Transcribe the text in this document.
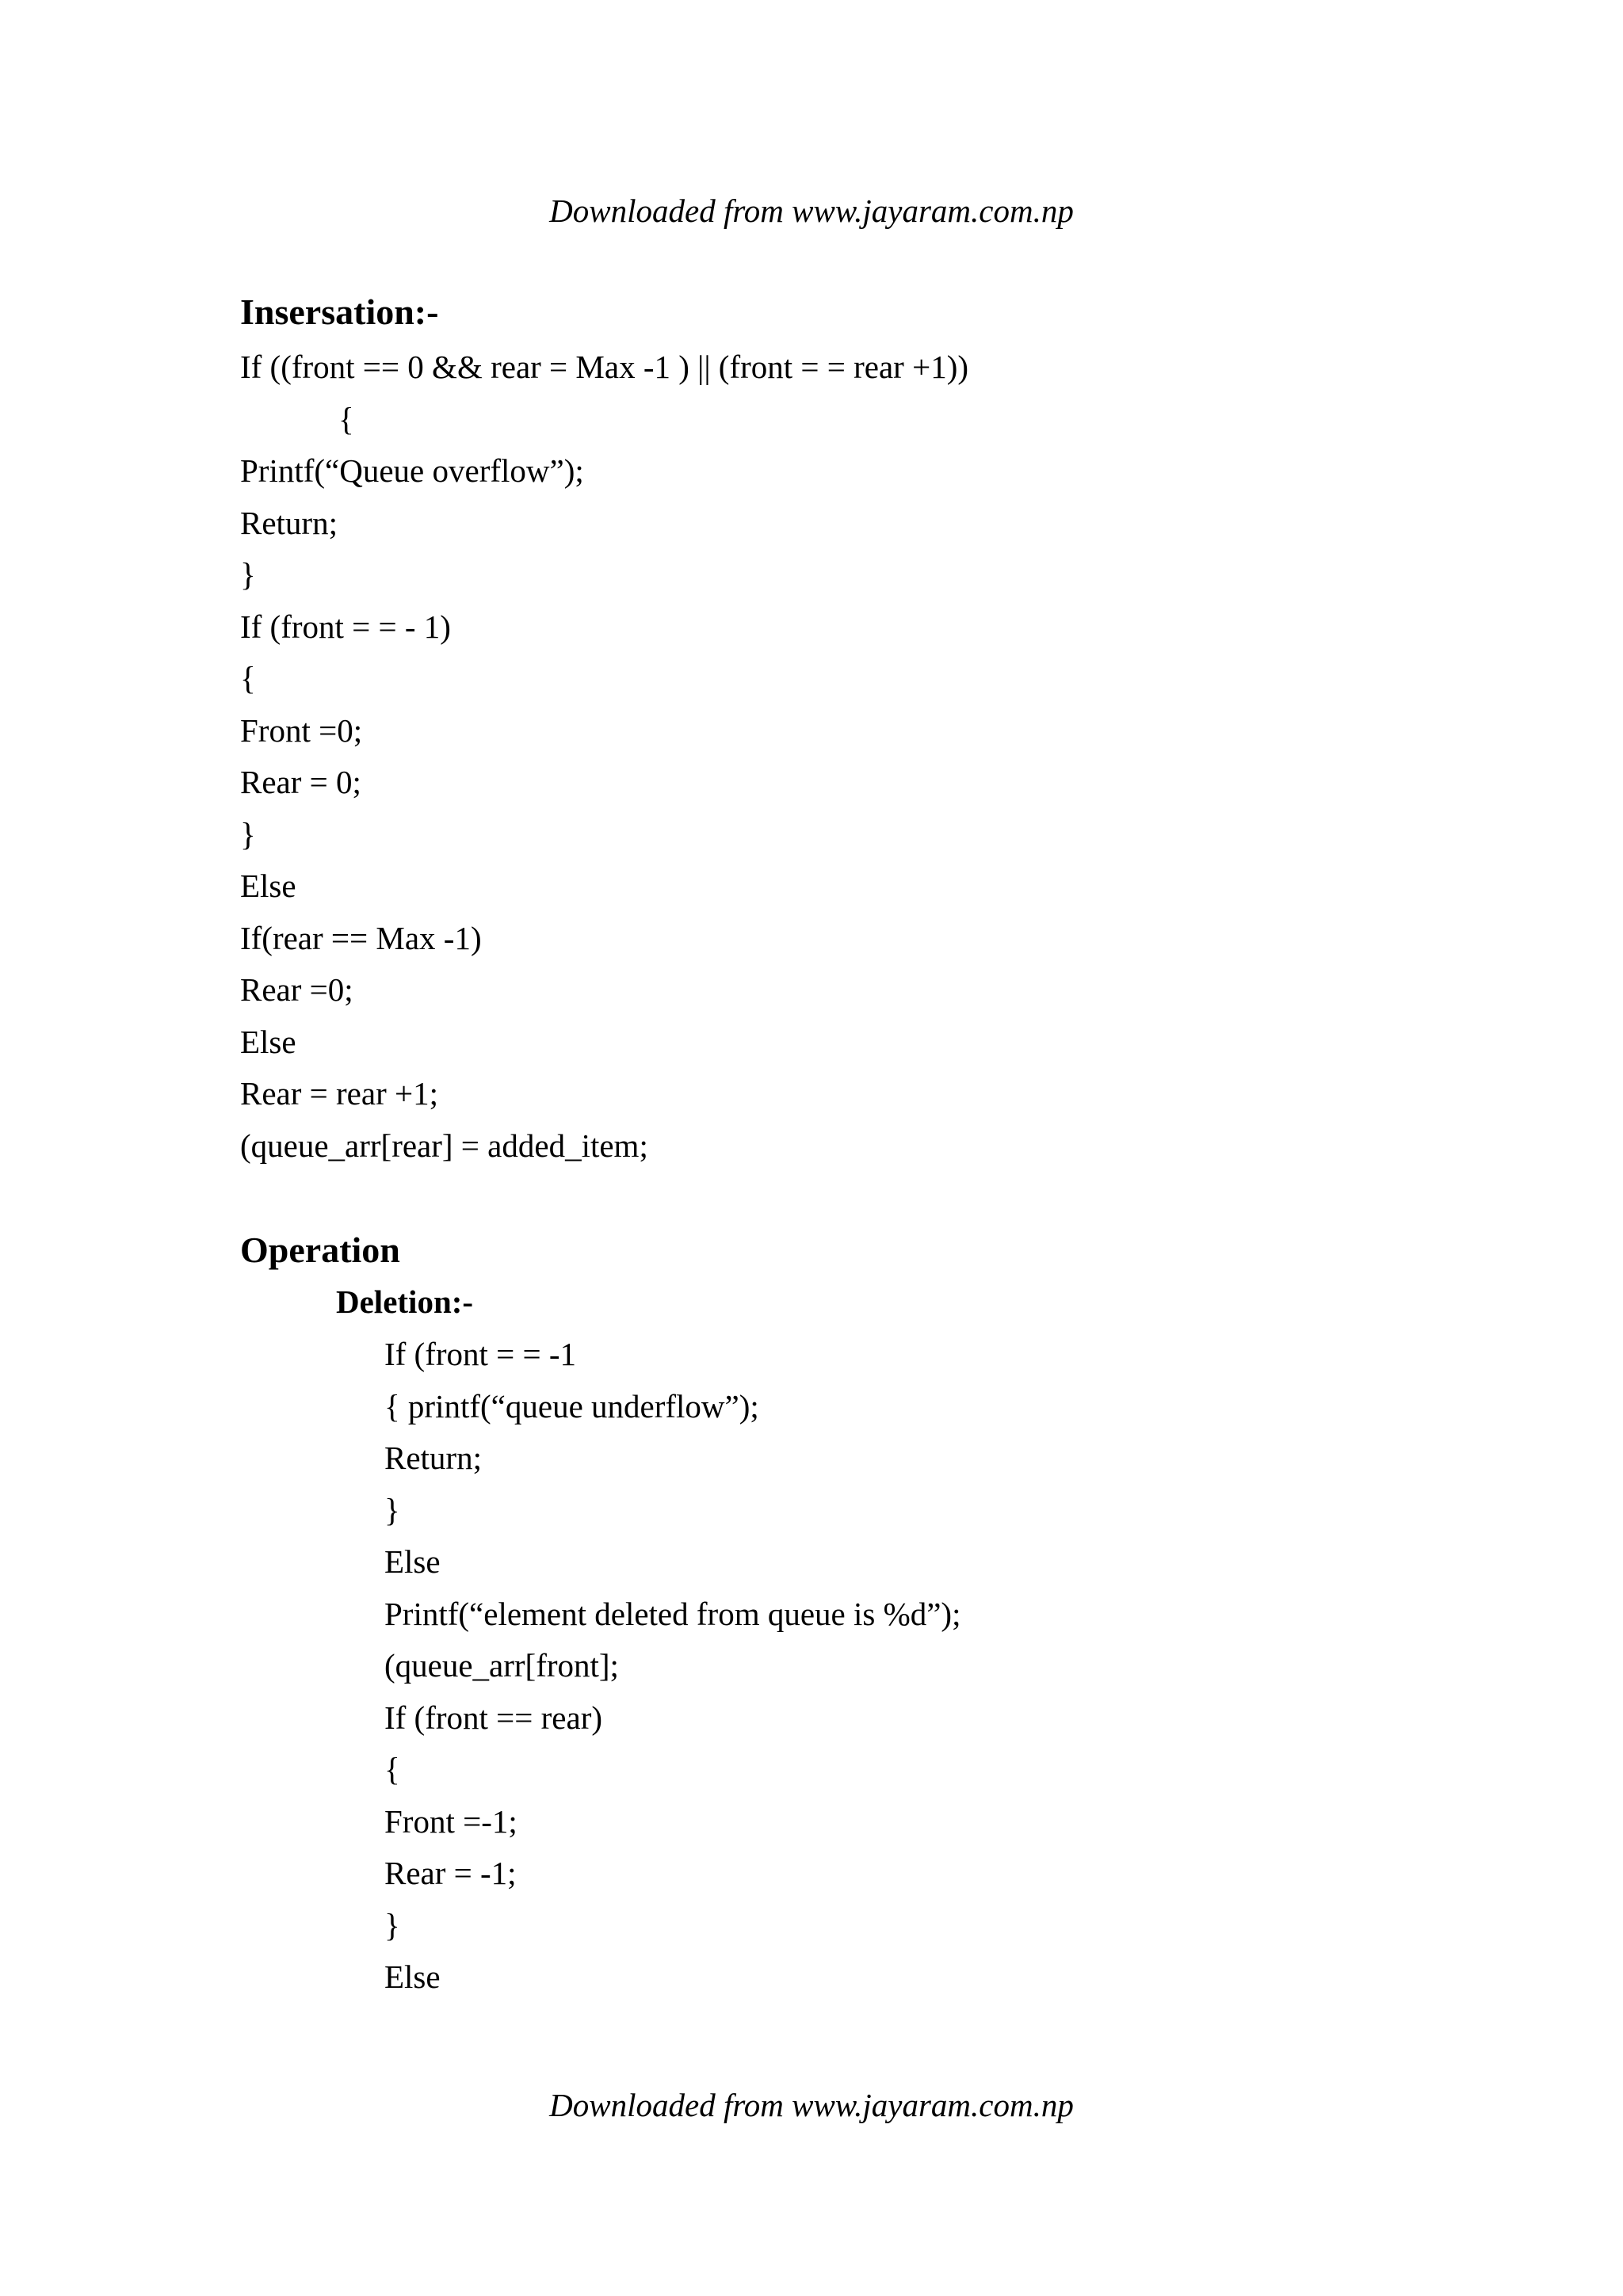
Downloaded from www.jayaram.com.np
Insersation:-
If ((front == 0 && rear = Max -1 ) || (front = = rear +1))
{
Printf(“Queue overflow”);
Return;
}
If (front = = - 1)
{
Front =0;
Rear = 0;
}
Else
If(rear == Max -1)
Rear =0;
Else
Rear = rear +1;
(queue_arr[rear] = added_item;
Operation
Deletion:-
If (front = = -1
{ printf(“queue underflow”);
Return;
}
Else
Printf(“element deleted from queue is %d”);
(queue_arr[front];
If (front == rear)
{
Front =-1;
Rear = -1;
}
Else
Downloaded from www.jayaram.com.np
